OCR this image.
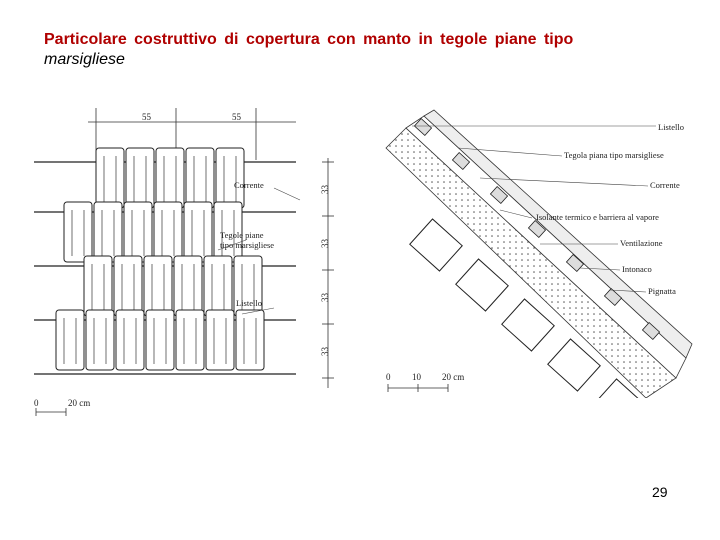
Particolare costruttivo di copertura con manto in tegole piane tipo
marsigliese
55	55
33
33
33
33
Corrente
Tegole piane
tipo marsigliese
Listello
0	20 cm
Listello
Tegola piana tipo marsigliese
Corrente
Isolante termico e barriera al vapore
Ventilazione
Intonaco
Pignatta
0 10 20 cm
29
